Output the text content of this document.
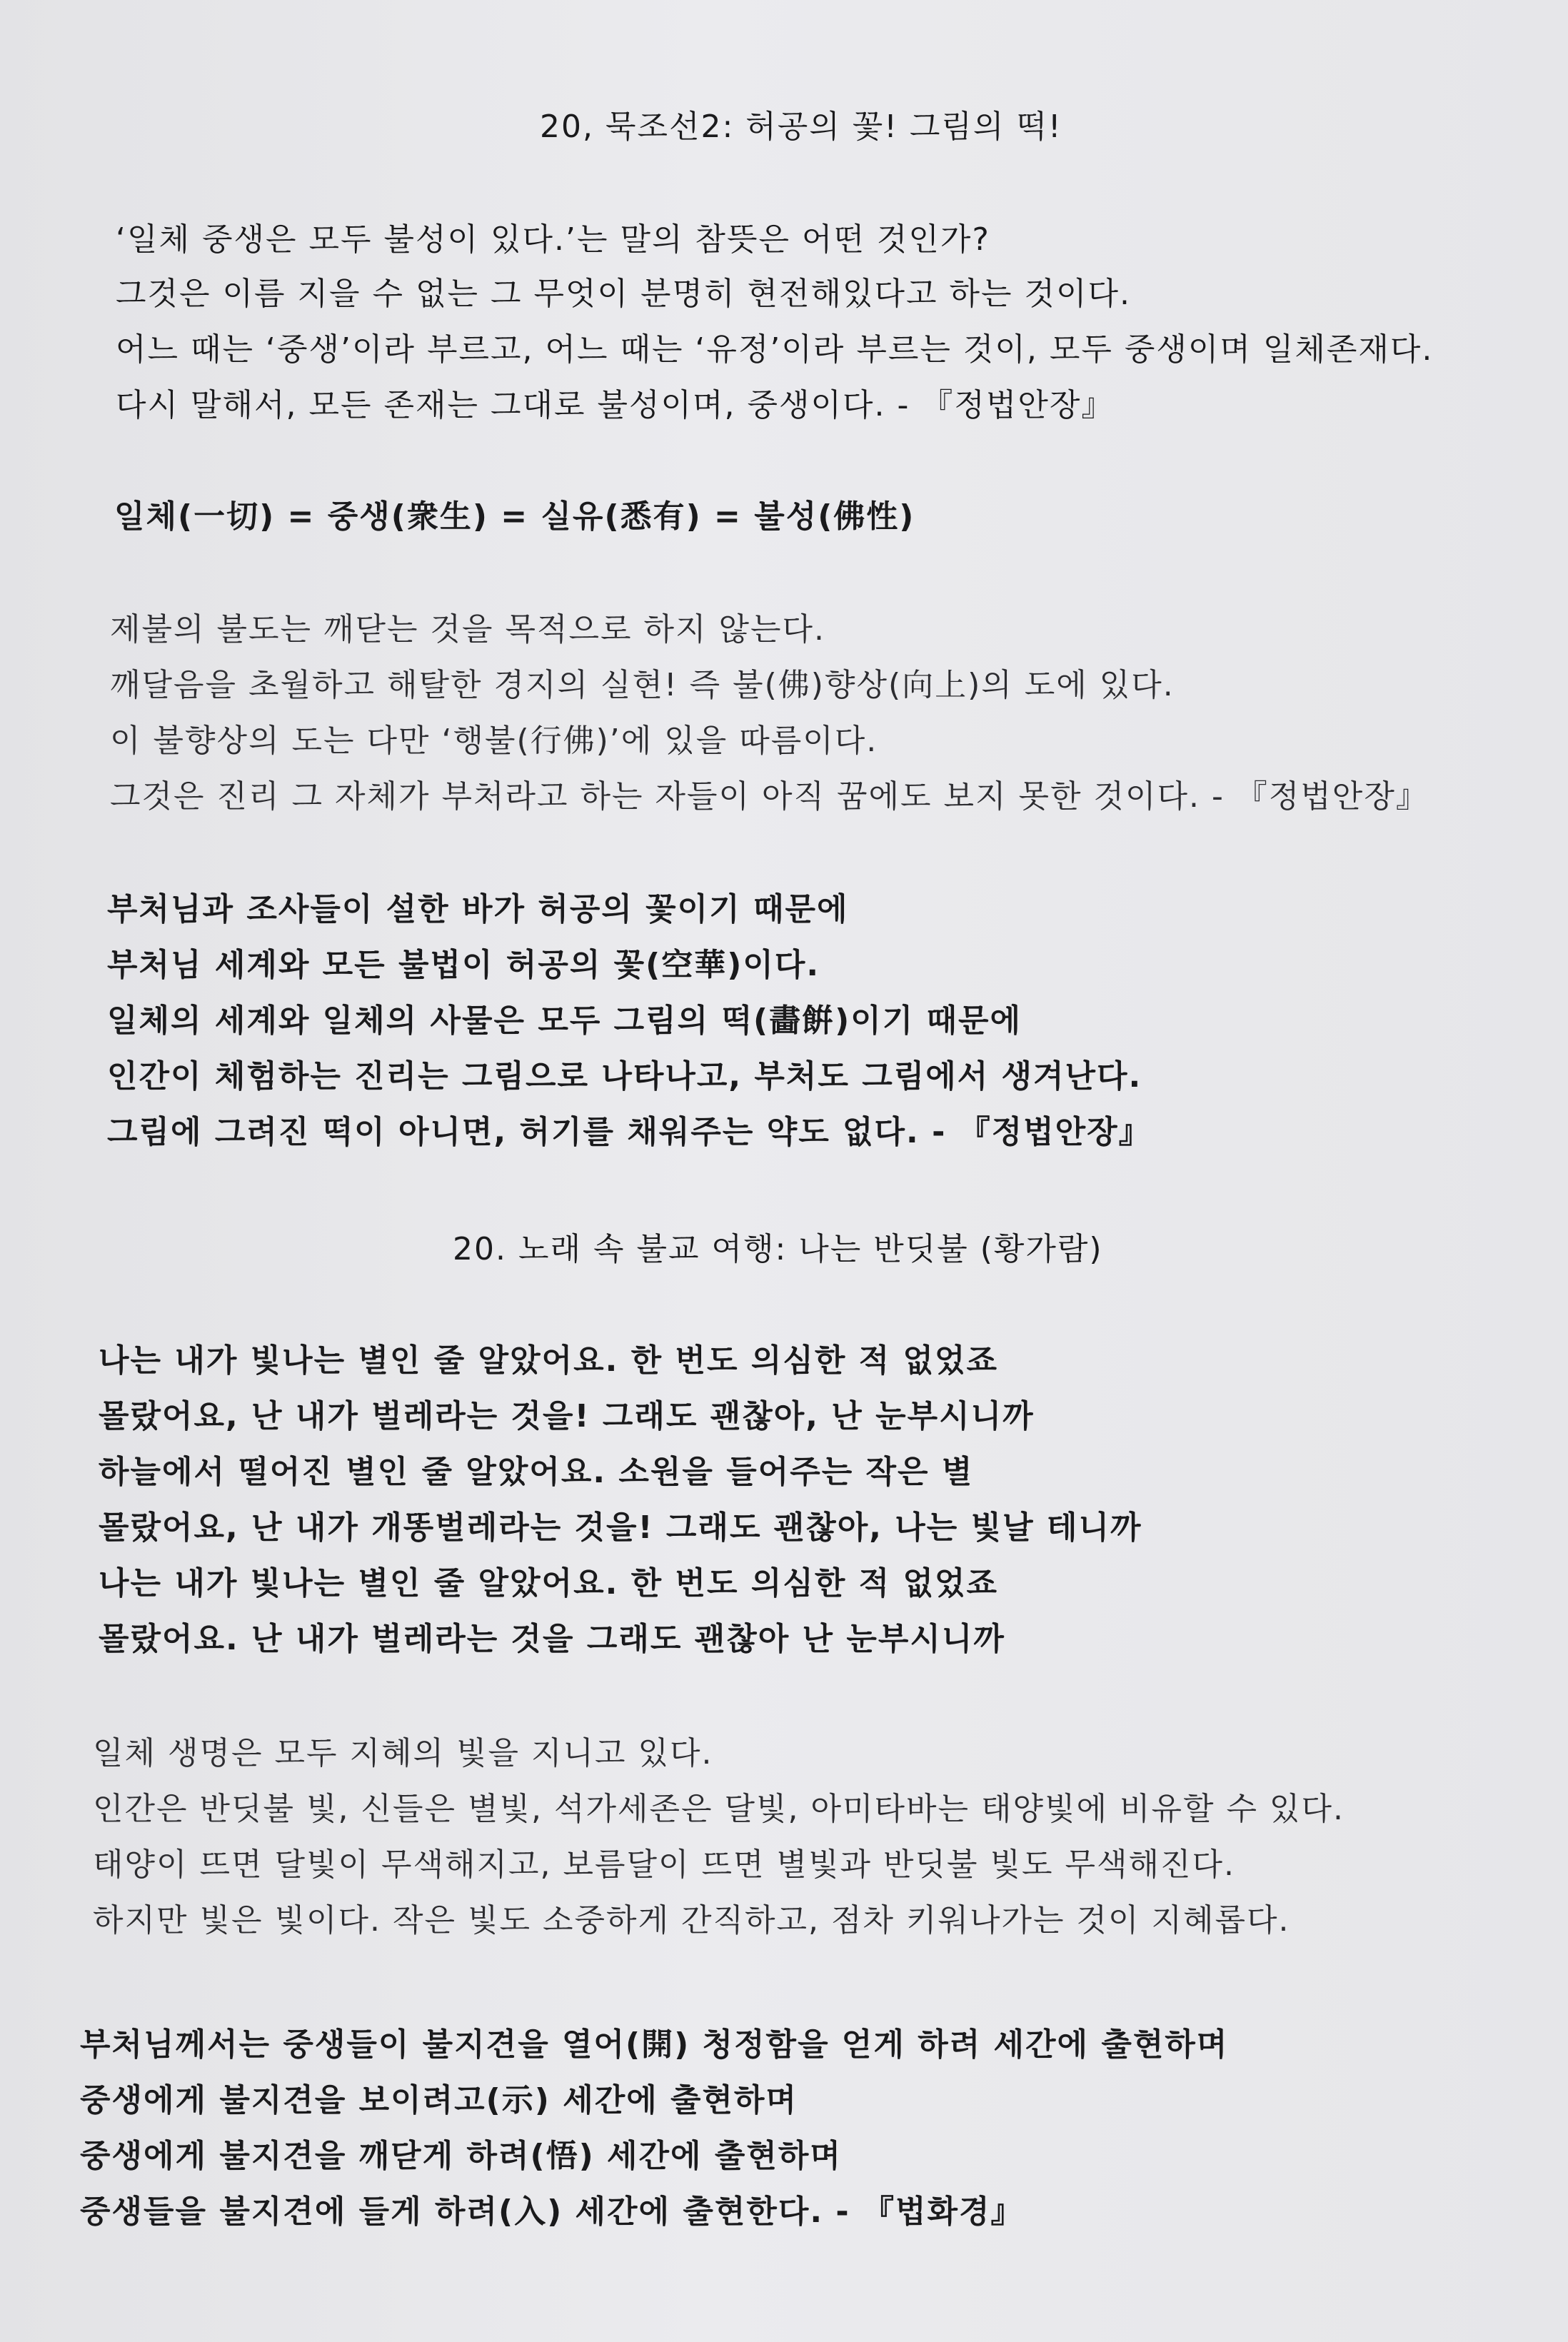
20, 묵조선2: 허공의 꽃! 그림의 떡!
‘일체 중생은 모두 불성이 있다.’는 말의 참뜻은 어떤 것인가?
그것은 이름 지을 수 없는 그 무엇이 분명히 현전해있다고 하는 것이다.
어느 때는 ‘중생’이라 부르고, 어느 때는 ‘유정’이라 부르는 것이, 모두 중생이며 일체존재다.
다시 말해서, 모든 존재는 그대로 불성이며, 중생이다. - 『정법안장』
일체(一切) = 중생(衆生) = 실유(悉有) = 불성(佛性)
제불의 불도는 깨닫는 것을 목적으로 하지 않는다.
깨달음을 초월하고 해탈한 경지의 실현! 즉 불(佛)향상(向上)의 도에 있다.
이 불향상의 도는 다만 ‘행불(行佛)’에 있을 따름이다.
그것은 진리 그 자체가 부처라고 하는 자들이 아직 꿈에도 보지 못한 것이다. - 『정법안장』
부처님과 조사들이 설한 바가 허공의 꽃이기 때문에
부처님 세계와 모든 불법이 허공의 꽃(空華)이다.
일체의 세계와 일체의 사물은 모두 그림의 떡(畵餠)이기 때문에
인간이 체험하는 진리는 그림으로 나타나고, 부처도 그림에서 생겨난다.
그림에 그려진 떡이 아니면, 허기를 채워주는 약도 없다. - 『정법안장』
20. 노래 속 불교 여행: 나는 반딧불 (황가람)
나는 내가 빛나는 별인 줄 알았어요. 한 번도 의심한 적 없었죠
몰랐어요, 난 내가 벌레라는 것을! 그래도 괜찮아, 난 눈부시니까
하늘에서 떨어진 별인 줄 알았어요. 소원을 들어주는 작은 별
몰랐어요, 난 내가 개똥벌레라는 것을! 그래도 괜찮아, 나는 빛날 테니까
나는 내가 빛나는 별인 줄 알았어요. 한 번도 의심한 적 없었죠
몰랐어요. 난 내가 벌레라는 것을 그래도 괜찮아 난 눈부시니까
일체 생명은 모두 지혜의 빛을 지니고 있다.
인간은 반딧불 빛, 신들은 별빛, 석가세존은 달빛, 아미타바는 태양빛에 비유할 수 있다.
태양이 뜨면 달빛이 무색해지고, 보름달이 뜨면 별빛과 반딧불 빛도 무색해진다.
하지만 빛은 빛이다. 작은 빛도 소중하게 간직하고, 점차 키워나가는 것이 지혜롭다.
부처님께서는 중생들이 불지견을 열어(開) 청정함을 얻게 하려 세간에 출현하며
중생에게 불지견을 보이려고(示) 세간에 출현하며
중생에게 불지견을 깨닫게 하려(悟) 세간에 출현하며
중생들을 불지견에 들게 하려(入) 세간에 출현한다. - 『법화경』
